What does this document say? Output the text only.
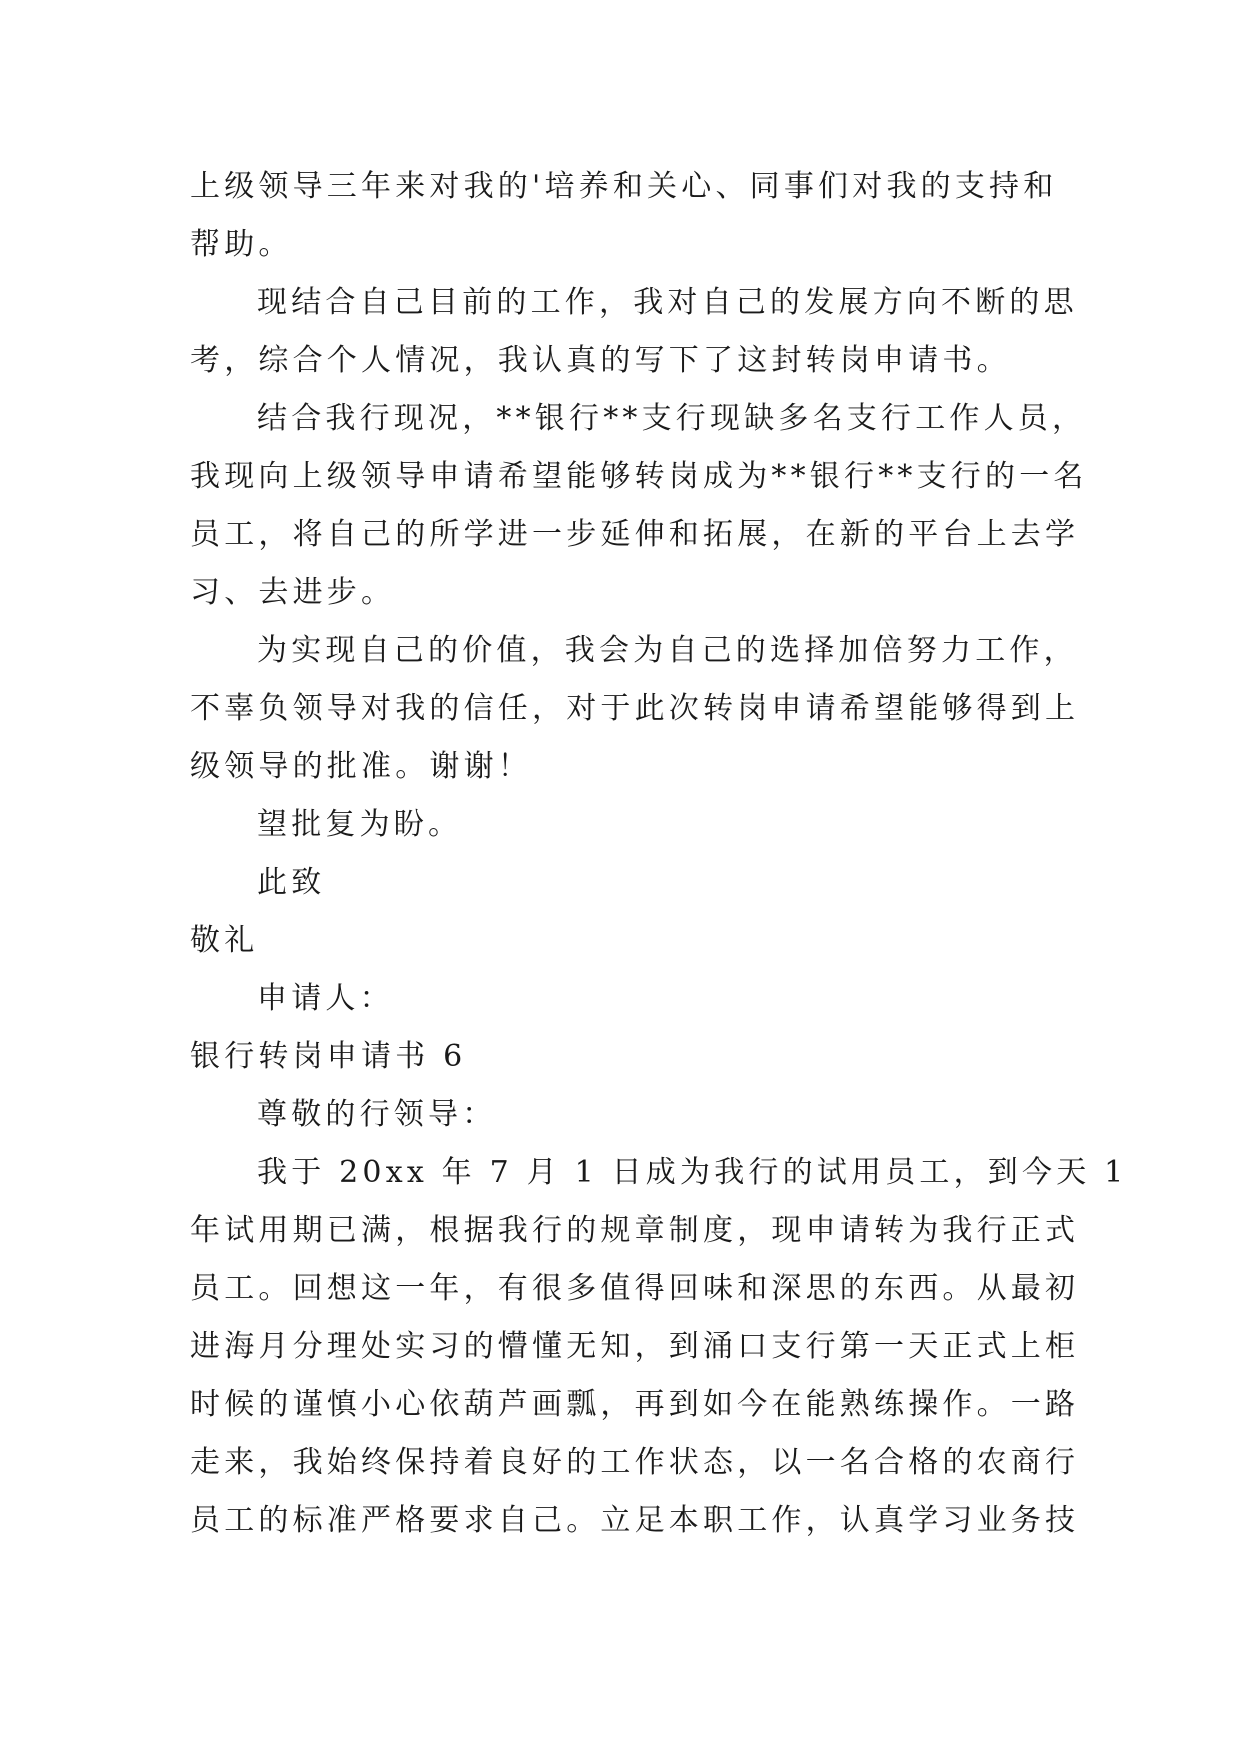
上级领导三年来对我的'培养和关心、同事们对我的支持和
帮助。
现结合自己目前的工作，我对自己的发展方向不断的思
考，综合个人情况，我认真的写下了这封转岗申请书。
结合我行现况，**银行**支行现缺多名支行工作人员，
我现向上级领导申请希望能够转岗成为**银行**支行的一名
员工，将自己的所学进一步延伸和拓展，在新的平台上去学
习、去进步。
为实现自己的价值，我会为自己的选择加倍努力工作，
不辜负领导对我的信任，对于此次转岗申请希望能够得到上
级领导的批准。谢谢！
望批复为盼。
此致
敬礼
申请人：
银行转岗申请书 6
尊敬的行领导：
我于 20xx 年 7 月 1 日成为我行的试用员工，到今天 1
年试用期已满，根据我行的规章制度，现申请转为我行正式
员工。回想这一年，有很多值得回味和深思的东西。从最初
进海月分理处实习的懵懂无知，到涌口支行第一天正式上柜
时候的谨慎小心依葫芦画瓢，再到如今在能熟练操作。一路
走来，我始终保持着良好的工作状态，以一名合格的农商行
员工的标准严格要求自己。立足本职工作，认真学习业务技
